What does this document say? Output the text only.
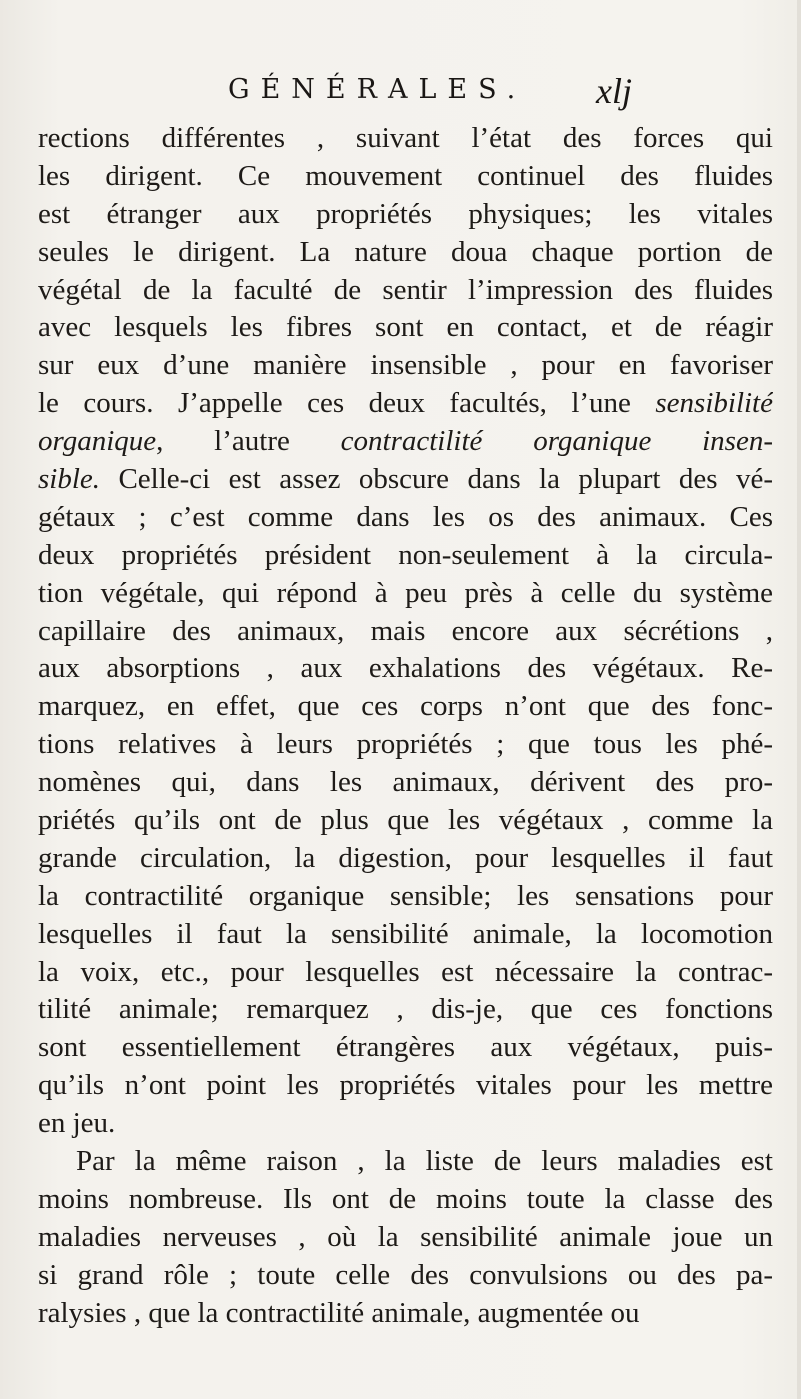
GÉNÉRALES. xlj
rections différentes , suivant l’état des forces qui
les dirigent. Ce mouvement continuel des fluides
est étranger aux propriétés physiques; les vitales
seules le dirigent. La nature doua chaque portion de
végétal de la faculté de sentir l’impression des fluides
avec lesquels les fibres sont en contact, et de réagir
sur eux d’une manière insensible , pour en favoriser
le cours. J’appelle ces deux facultés, l’une sensibilité
organique, l’autre contractilité organique insen-
sible. Celle-ci est assez obscure dans la plupart des vé-
gétaux ; c’est comme dans les os des animaux. Ces
deux propriétés président non-seulement à la circula-
tion végétale, qui répond à peu près à celle du système
capillaire des animaux, mais encore aux sécrétions ,
aux absorptions , aux exhalations des végétaux. Re-
marquez, en effet, que ces corps n’ont que des fonc-
tions relatives à leurs propriétés ; que tous les phé-
nomènes qui, dans les animaux, dérivent des pro-
priétés qu’ils ont de plus que les végétaux , comme la
grande circulation, la digestion, pour lesquelles il faut
la contractilité organique sensible; les sensations pour
lesquelles il faut la sensibilité animale, la locomotion
la voix, etc., pour lesquelles est nécessaire la contrac-
tilité animale; remarquez , dis-je, que ces fonctions
sont essentiellement étrangères aux végétaux, puis-
qu’ils n’ont point les propriétés vitales pour les mettre
en jeu.
Par la même raison , la liste de leurs maladies est
moins nombreuse. Ils ont de moins toute la classe des
maladies nerveuses , où la sensibilité animale joue un
si grand rôle ; toute celle des convulsions ou des pa-
ralysies , que la contractilité animale, augmentée ou
